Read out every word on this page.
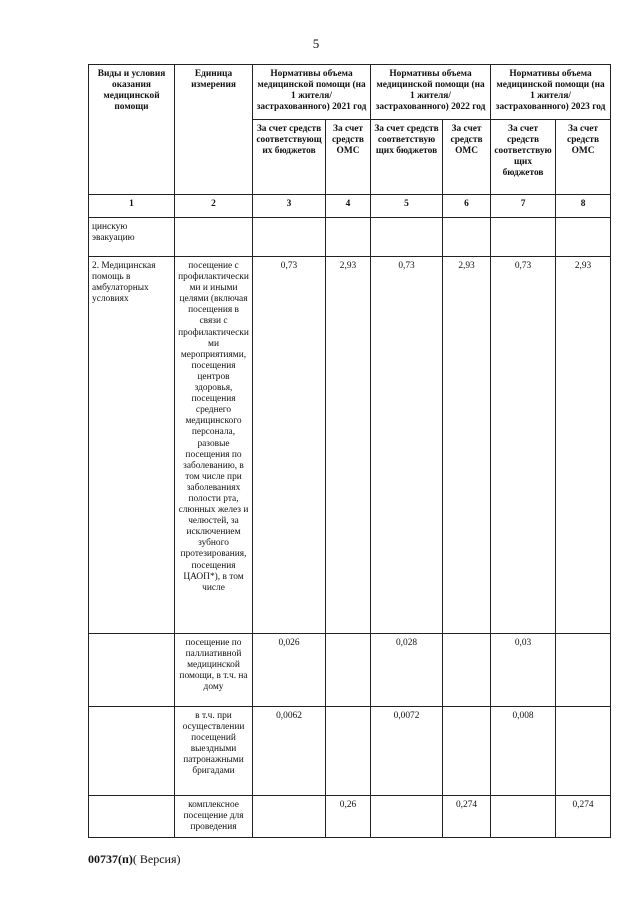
5
Виды и условия оказания медицинской помощи	Единица измерения	Нормативы объема медицинской помощи (на 1 жителя/застрахованного) 2021 год		Нормативы объема медицинской помощи (на 1 жителя/застрахованного) 2022 год		Нормативы объема медицинской помощи (на 1 жителя/застрахованного) 2023 год	
		За счет средств соответствующих бюджетов	За счет средств ОМС	За счет средств соответствующих бюджетов	За счет средств ОМС	За счет средств соответствующих бюджетов	За счет средств ОМС
1	2	3	4	5	6	7	8
цинскую эвакуацию							
2. Медицинская помощь в амбулаторных условиях	посещение с профилактическими и иными целями (включая посещения в связи с профилактическими мероприятиями, посещения центров здоровья, посещения среднего медицинского персонала, разовые посещения по заболеванию, в том числе при заболеваниях полости рта, слюнных желез и челюстей, за исключением зубного протезирования, посещения ЦАОП*), в том числе	0,73	2,93	0,73	2,93	0,73	2,93
	посещение по паллиативной медицинской помощи, в т.ч. на дому	0,026		0,028		0,03	
	в т.ч. при осуществлении посещений выездными патронажными бригадами	0,0062		0,0072		0,008	
	комплексное посещение для проведения		0,26		0,274		0,274
00737(п)( Версия)
